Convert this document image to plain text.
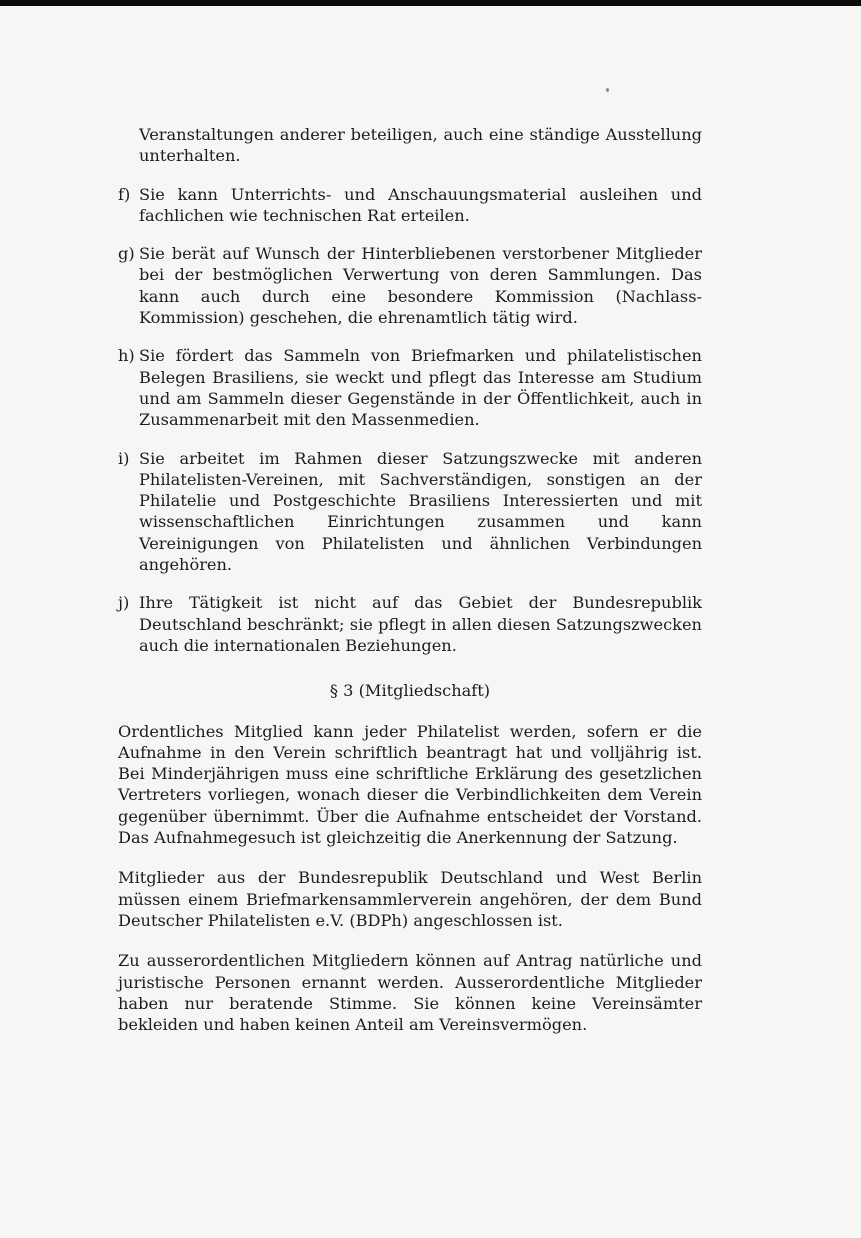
Veranstaltungen anderer beteiligen, auch eine ständige Ausstellung unterhalten.

f) Sie kann Unterrichts- und Anschauungsmaterial ausleihen und fachlichen wie technischen Rat erteilen.
g) Sie berät auf Wunsch der Hinterbliebenen verstorbener Mitglieder bei der bestmöglichen Verwertung von deren Sammlungen. Das kann auch durch eine besondere Kommission (Nachlass-Kommission) geschehen, die ehrenamtlich tätig wird.
h) Sie fördert das Sammeln von Briefmarken und philatelistischen Belegen Brasiliens, sie weckt und pflegt das Interesse am Studium und am Sammeln dieser Gegenstände in der Öffentlichkeit, auch in Zusammenarbeit mit den Massenmedien.
i) Sie arbeitet im Rahmen dieser Satzungszwecke mit anderen Philatelisten-Vereinen, mit Sachverständigen, sonstigen an der Philatelie und Postgeschichte Brasiliens Interessierten und mit wissenschaftlichen Einrichtungen zusammen und kann Vereinigungen von Philatelisten und ähnlichen Verbindungen angehören.
j) Ihre Tätigkeit ist nicht auf das Gebiet der Bundesrepublik Deutschland beschränkt; sie pflegt in allen diesen Satzungszwecken auch die internationalen Beziehungen.
§ 3 (Mitgliedschaft)

Ordentliches Mitglied kann jeder Philatelist werden, sofern er die Aufnahme in den Verein schriftlich beantragt hat und volljährig ist. Bei Minderjährigen muss eine schriftliche Erklärung des gesetzlichen Vertreters vorliegen, wonach dieser die Verbindlichkeiten dem Verein gegenüber übernimmt. Über die Aufnahme entscheidet der Vorstand. Das Aufnahmegesuch ist gleichzeitig die Anerkennung der Satzung.

Mitglieder aus der Bundesrepublik Deutschland und West Berlin müssen einem Briefmarkensammlerverein angehören, der dem Bund Deutscher Philatelisten e.V. (BDPh) angeschlossen ist.

Zu ausserordentlichen Mitgliedern können auf Antrag natürliche und juristische Personen ernannt werden. Ausserordentliche Mitglieder haben nur beratende Stimme. Sie können keine Vereinsämter bekleiden und haben keinen Anteil am Vereinsvermögen.
